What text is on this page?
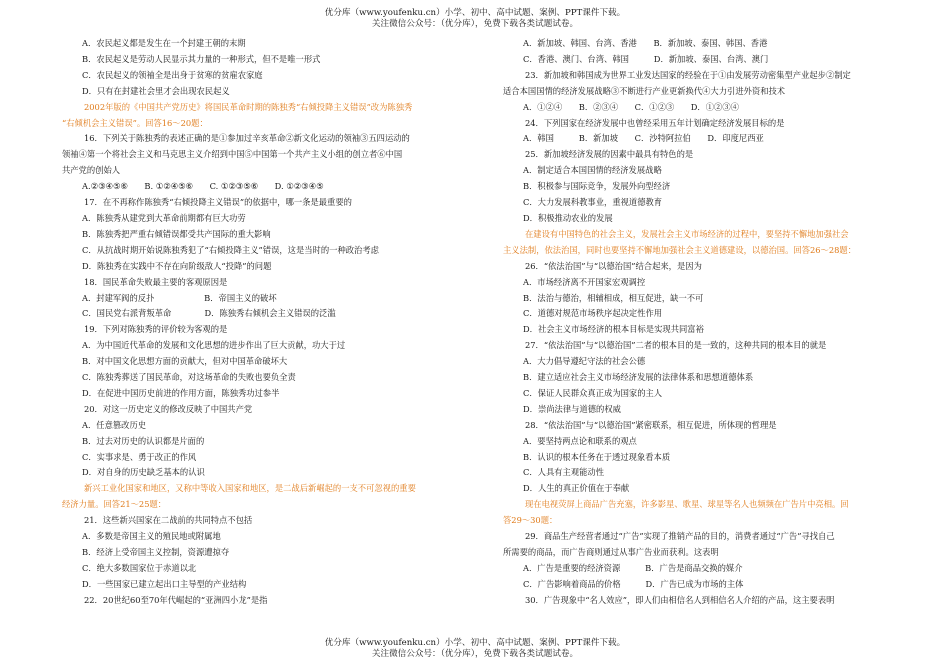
优分库（www.youfenku.cn）小学、初中、高中试题、案例、PPT课件下载。
关注微信公众号：（优分库），免费下载各类试题试卷。
A．农民起义都是发生在一个封建王朝的末期
B．农民起义是劳动人民显示其力量的一种形式，但不是唯一形式
C．农民起义的领袖全是出身于贫寒的贫雇农家庭
D．只有在封建社会里才会出现农民起义
2002年版的《中国共产党历史》将国民革命时期的陈独秀“右倾投降主义错误”改为陈独秀
“右倾机会主义错误”。回答16～20题：
16．下列关于陈独秀的表述正确的是①参加过辛亥革命②新文化运动的领袖③五四运动的
领袖④第一个将社会主义和马克思主义介绍到中国⑤中国第一个共产主义小组的创立者⑥中国
共产党的创始人
A.②③④⑤⑥　　B. ①②④⑤⑥　　C. ①②③⑤⑥　　D. ①②③④⑤
17．在不再称作陈独秀“右倾投降主义错误”的依据中，哪一条是最重要的
A．陈独秀从建党到大革命前期都有巨大功劳
B．陈独秀把严重右倾错误都受共产国际的重大影响
C．从抗战时期开始说陈独秀犯了“右倾投降主义”错误，这是当时的一种政治考虑
D．陈独秀在实践中不存在向阶级敌人“投降”的问题
18．国民革命失败最主要的客观原因是
A．封建军阀的反扑　　　　　　B．帝国主义的破坏
C．国民党右派背叛革命　　　　D．陈独秀右倾机会主义错误的泛滥
19．下列对陈独秀的评价较为客观的是
A．为中国近代革命的发展和文化思想的进步作出了巨大贡献，功大于过
B．对中国文化思想方面的贡献大，但对中国革命破坏大
C．陈独秀葬送了国民革命，对这场革命的失败也要负全责
D．在促进中国历史前进的作用方面，陈独秀功过参半
20．对这一历史定义的修改反映了中国共产党
A．任意篡改历史
B．过去对历史的认识都是片面的
C．实事求是、勇于改正的作风
D．对自身的历史缺乏基本的认识
新兴工业化国家和地区，又称中等收入国家和地区，是二战后新崛起的一支不可忽视的重要
经济力量。回答21～25题：
21．这些新兴国家在二战前的共同特点不包括
A．多数是帝国主义的殖民地或附属地
B．经济上受帝国主义控制，资源遭掠夺
C．绝大多数国家位于赤道以北
D．一些国家已建立起出口主导型的产业结构
22．20世纪60至70年代崛起的“亚洲四小龙”是指
A．新加坡、韩国、台湾、香港　　B．新加坡、泰国、韩国、香港
C．香港、澳门、台湾、韩国　　　D．新加坡、泰国、台湾、澳门
23．新加坡和韩国成为世界工业发达国家的经验在于①由发展劳动密集型产业起步②制定
适合本国国情的经济发展战略③不断进行产业更新换代④大力引进外资和技术
A．①②④　　B．②③④　　C．①②③　　D．①②③④
24．下列国家在经济发展中也曾经采用五年计划确定经济发展目标的是
A．韩国　　　B．新加坡　　C．沙特阿拉伯　　D．印度尼西亚
25．新加坡经济发展的因素中最具有特色的是
A．制定适合本国国情的经济发展战略
B．积极参与国际竞争，发展外向型经济
C．大力发展科教事业，重视道德教育
D．积极推动农业的发展
在建设有中国特色的社会主义，发展社会主义市场经济的过程中，要坚持不懈地加强社会
主义法制，依法治国，同时也要坚持不懈地加强社会主义道德建设，以德治国。回答26～28题：
26．“依法治国”与“以德治国”结合起来，是因为
A．市场经济离不开国家宏观调控
B．法治与德治，相辅相成，相互促进，缺一不可
C．道德对规范市场秩序起决定性作用
D．社会主义市场经济的根本目标是实现共同富裕
27．“依法治国”与“以德治国”二者的根本目的是一致的，这种共同的根本目的就是
A．大力倡导遵纪守法的社会公德
B．建立适应社会主义市场经济发展的法律体系和思想道德体系
C．保证人民群众真正成为国家的主人
D．崇尚法律与道德的权威
28．“依法治国”与“以德治国”紧密联系，相互促进，所体现的哲理是
A．要坚持两点论和联系的观点
B．认识的根本任务在于透过现象看本质
C．人具有主观能动性
D．人生的真正价值在于奉献
现在电视荧屏上商品广告充塞，许多影星、歌星、球星等名人也频频在广告片中亮相。回
答29～30题：
29．商品生产经营者通过“广告”实现了推销产品的目的，消费者通过“广告”寻找自己
所需要的商品，而广告商则通过从事广告业而获利。这表明
A．广告是重要的经济资源　　　B．广告是商品交换的媒介
C．广告影响着商品的价格　　　D．广告已成为市场的主体
30．广告现象中“名人效应”，即人们由相信名人到相信名人介绍的产品，这主要表明
优分库（www.youfenku.cn）小学、初中、高中试题、案例、PPT课件下载。
关注微信公众号：（优分库），免费下载各类试题试卷。
